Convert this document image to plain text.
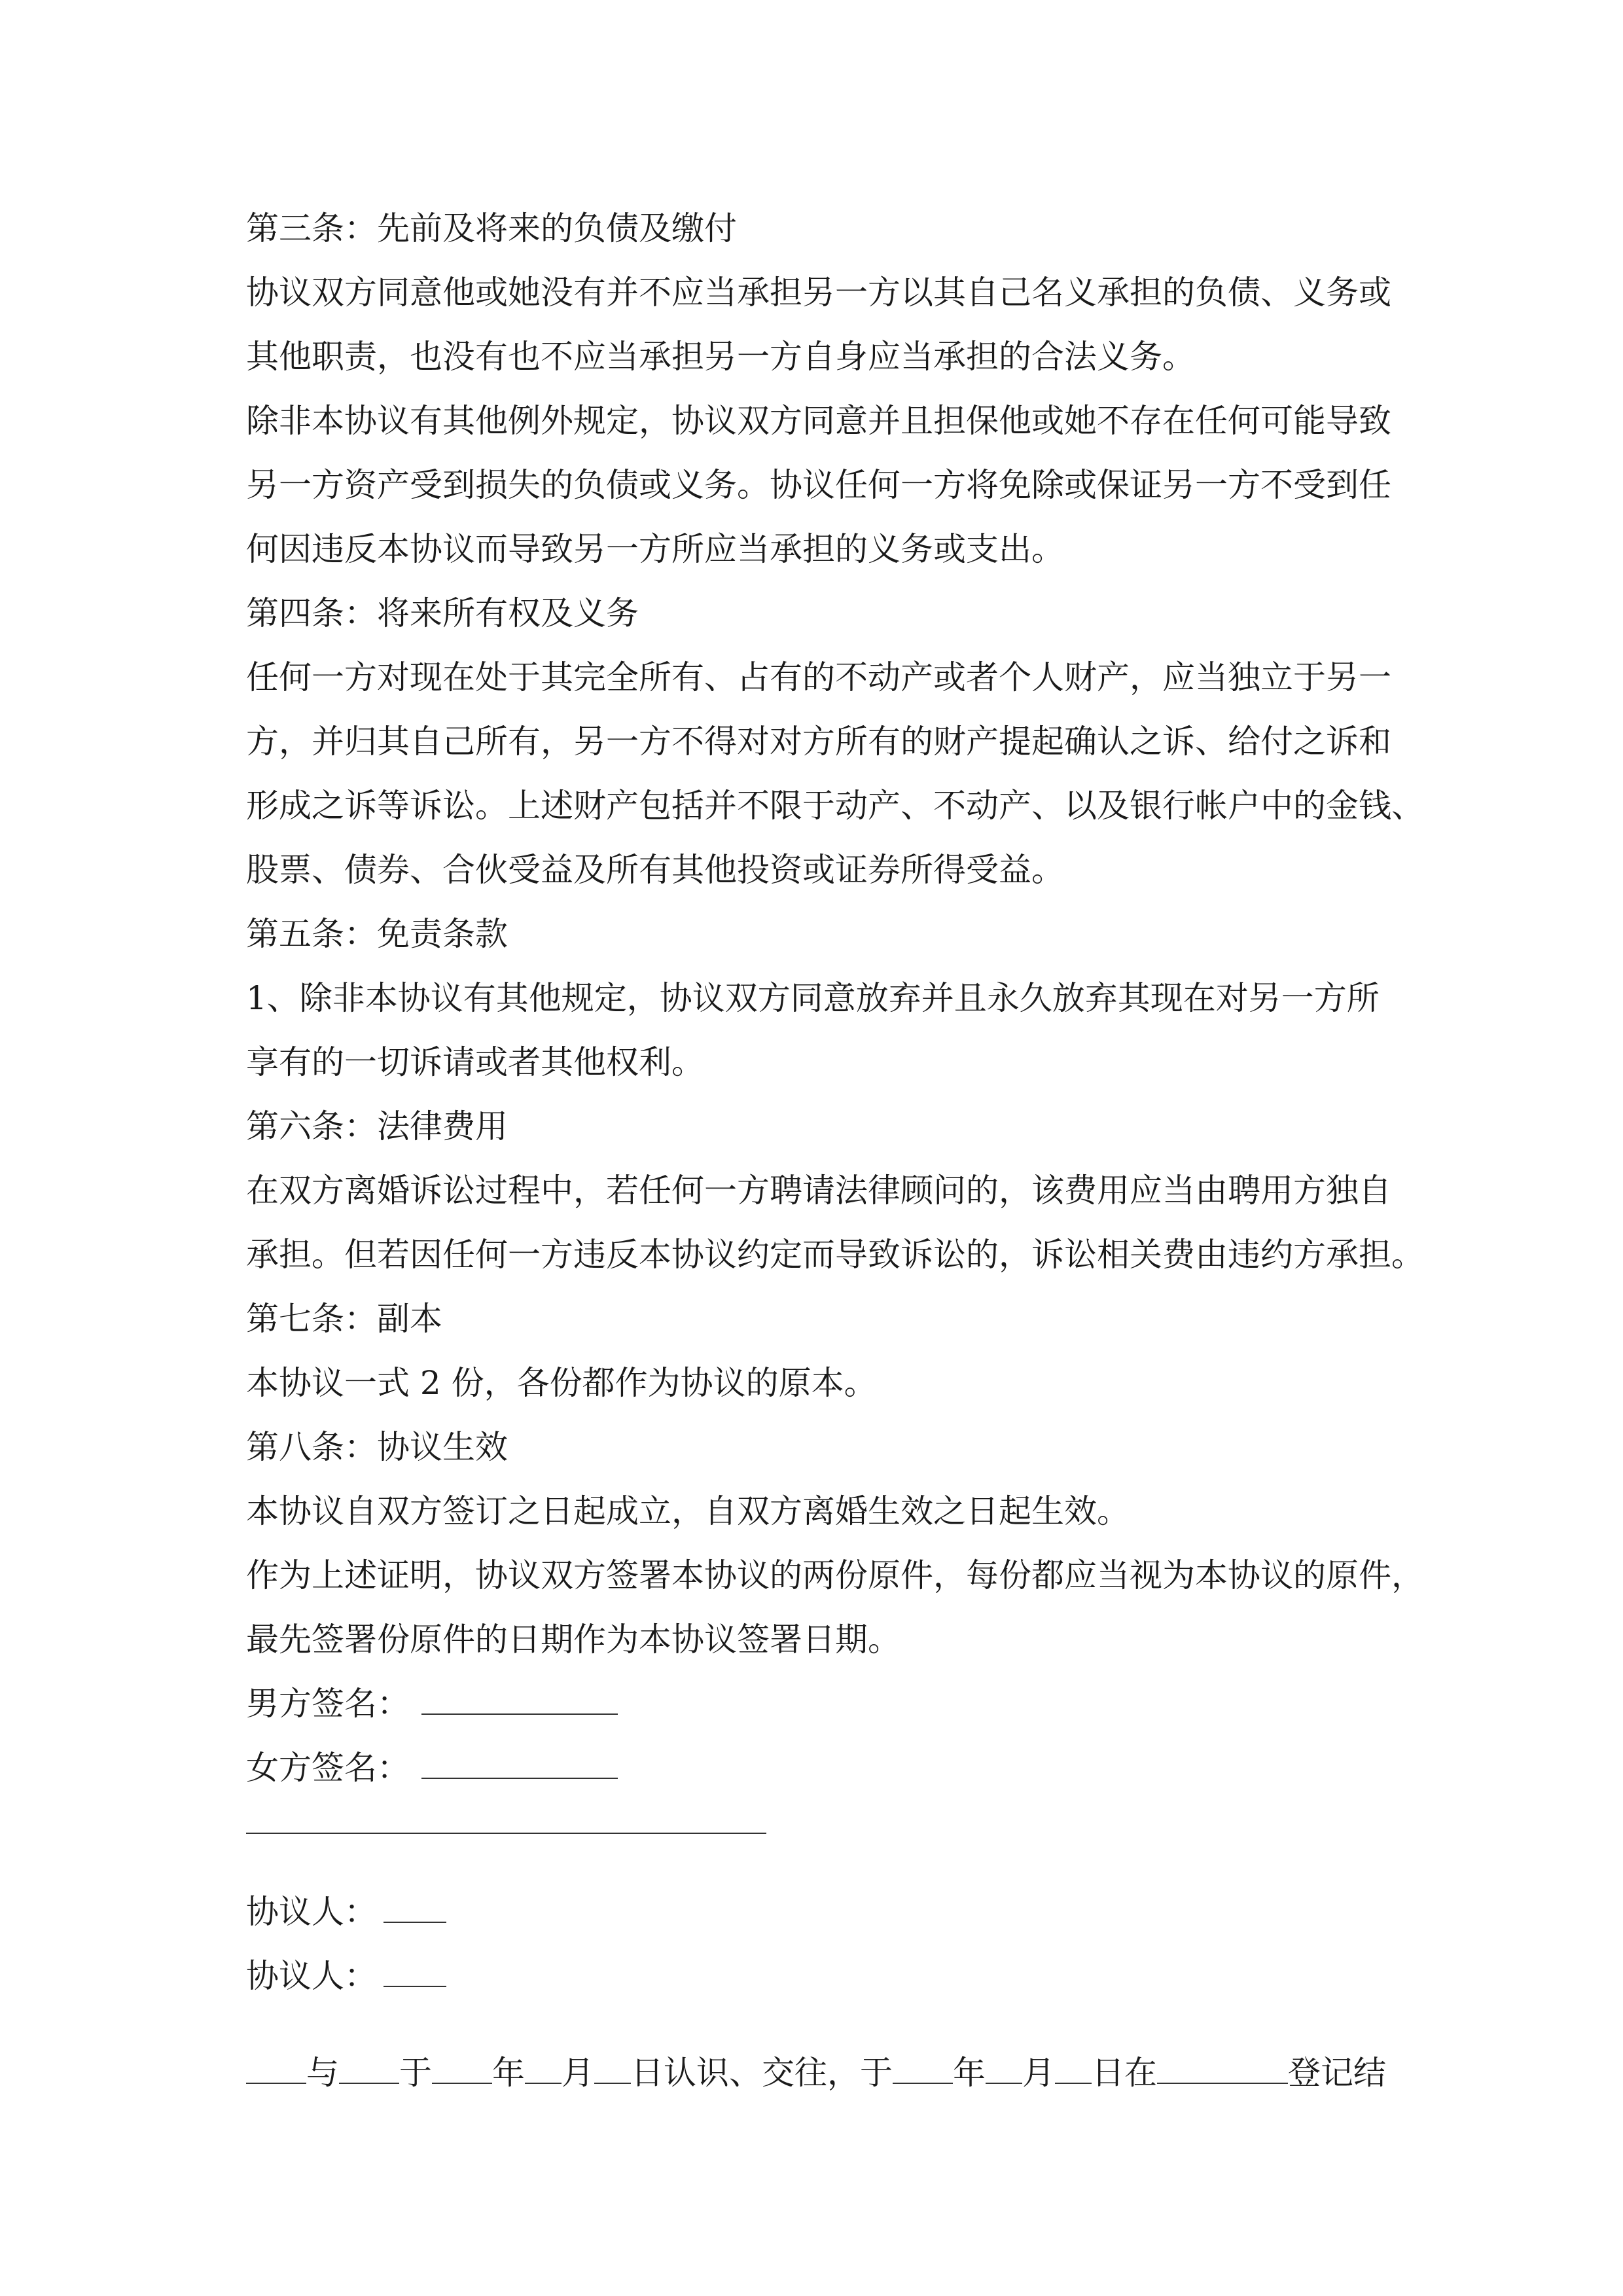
第三条：先前及将来的负债及缴付

协议双方同意他或她没有并不应当承担另一方以其自己名义承担的负债、义务或

其他职责，也没有也不应当承担另一方自身应当承担的合法义务。

除非本协议有其他例外规定，协议双方同意并且担保他或她不存在任何可能导致

另一方资产受到损失的负债或义务。协议任何一方将免除或保证另一方不受到任

何因违反本协议而导致另一方所应当承担的义务或支出。

第四条：将来所有权及义务

任何一方对现在处于其完全所有、占有的不动产或者个人财产，应当独立于另一

方，并归其自己所有，另一方不得对对方所有的财产提起确认之诉、给付之诉和

形成之诉等诉讼。上述财产包括并不限于动产、不动产、以及银行帐户中的金钱、

股票、债券、合伙受益及所有其他投资或证券所得受益。

第五条：免责条款

1、除非本协议有其他规定，协议双方同意放弃并且永久放弃其现在对另一方所

享有的一切诉请或者其他权利。

第六条：法律费用

在双方离婚诉讼过程中，若任何一方聘请法律顾问的，该费用应当由聘用方独自

承担。但若因任何一方违反本协议约定而导致诉讼的，诉讼相关费由违约方承担。

第七条：副本

本协议一式 2 份，各份都作为协议的原本。

第八条：协议生效

本协议自双方签订之日起成立，自双方离婚生效之日起生效。

作为上述证明，协议双方签署本协议的两份原件，每份都应当视为本协议的原件，

最先签署份原件的日期作为本协议签署日期。

男方签名：

女方签名：

协议人：

协议人：

与 于 年 月 日认识、交往，于 年 月 日在	登记结
